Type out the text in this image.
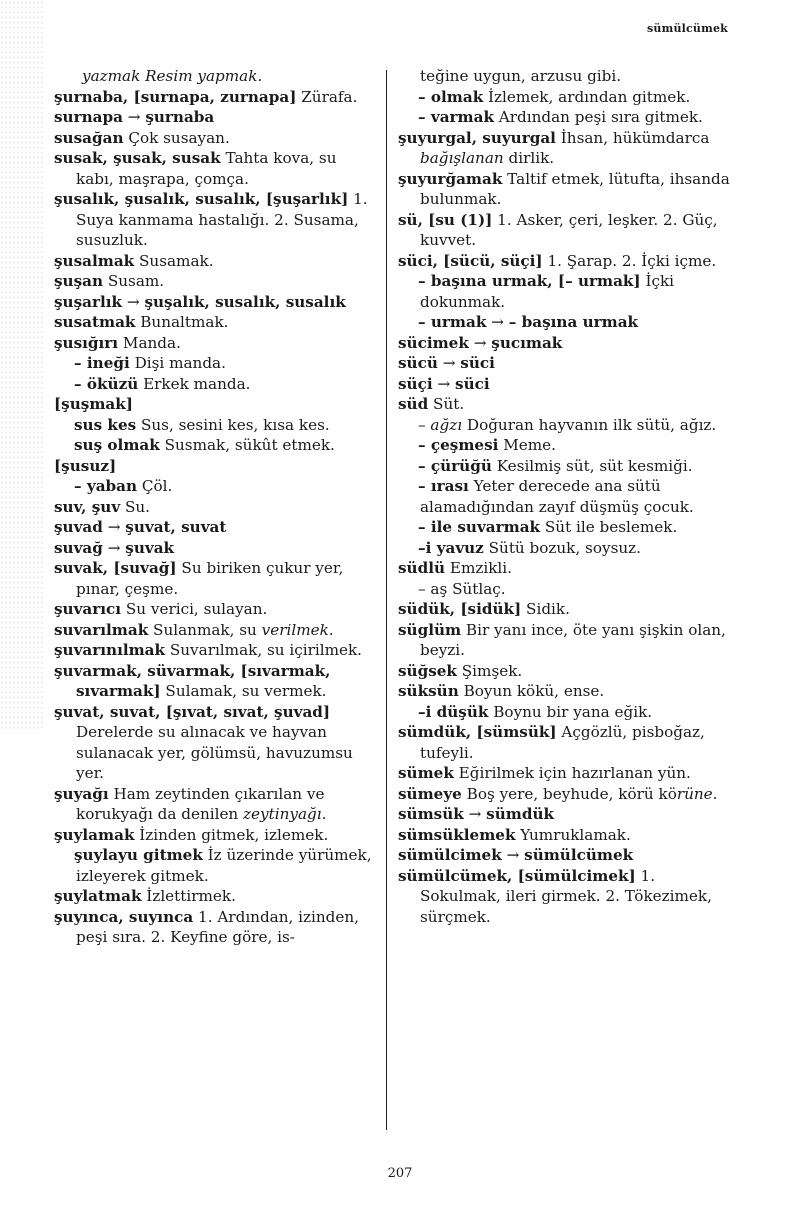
sümülcümek

yazmak Resim yapmak.

şurnaba, [surnapa, zurnapa] Zürafa.

surnapa → şurnaba

susağan Çok susayan.

susak, şusak, susak Tahta kova, su kabı, maşrapa, çomça.

şusalık, şusalık, susalık, [şuşarlık] 1. Suya kanmama hastalığı. 2. Susama, susuzluk.

şusalmak Susamak.

şuşan Susam.

şuşarlık → şuşalık, susalık, susalık

susatmak Bunaltmak.

şusığırı Manda.

– ineği Dişi manda.

– öküzü Erkek manda.

[şuşmak]

sus kes Sus, sesini kes, kısa kes.

suş olmak Susmak, sükût etmek.

[şusuz]

– yaban Çöl.

suv, şuv Su.

şuvad → şuvat, suvat

suvağ → şuvak

suvak, [suvağ] Su biriken çukur yer, pınar, çeşme.

şuvarıcı Su verici, sulayan.

suvarılmak Sulanmak, su verilmek.

şuvarınılmak Suvarılmak, su içirilmek.

şuvarmak, süvarmak, [sıvarmak, sıvarmak] Sulamak, su vermek.

şuvat, suvat, [şıvat, sıvat, şuvad] Derelerde su alınacak ve hayvan sulanacak yer, gölümsü, havuzumsu yer.

şuyağı Ham zeytinden çıkarılan ve korukyağı da denilen zeytinyağı.

şuylamak İzinden gitmek, izlemek.

şuylayu gitmek İz üzerinde yürümek, izleyerek gitmek.

şuylatmak İzlettirmek.

şuyınca, suyınca 1. Ardından, izinden, peşi sıra. 2. Keyfine göre, is-

teğine uygun, arzusu gibi.

– olmak İzlemek, ardından gitmek.

– varmak Ardından peşi sıra gitmek.

şuyurgal, suyurgal İhsan, hükümdarca bağışlanan dirlik.

şuyurğamak Taltif etmek, lütufta, ihsanda bulunmak.

sü, [su (1)] 1. Asker, çeri, leşker. 2. Güç, kuvvet.

süci, [sücü, süçi] 1. Şarap. 2. İçki içme.

– başına urmak, [– urmak] İçki dokunmak.

– urmak → – başına urmak

sücimek → şucımak

sücü → süci

süçi → süci

süd Süt.

– ağzı Doğuran hayvanın ilk sütü, ağız.

– çeşmesi Meme.

– çürüğü Kesilmiş süt, süt kesmiği.

– ırası Yeter derecede ana sütü alamadığından zayıf düşmüş çocuk.

– ile suvarmak Süt ile beslemek.

–i yavuz Sütü bozuk, soysuz.

südlü Emzikli.

– aş Sütlaç.

südük, [sidük] Sidik.

süglüm Bir yanı ince, öte yanı şişkin olan, beyzi.

süğsek Şimşek.

süksün Boyun kökü, ense.

–i düşük Boynu bir yana eğik.

sümdük, [sümsük] Açgözlü, pisboğaz, tufeyli.

sümek Eğirilmek için hazırlanan yün.

sümeye Boş yere, beyhude, körü körüne.

sümsük → sümdük

sümsüklemek Yumruklamak.

sümülcimek → sümülcümek

sümülcümek, [sümülcimek] 1. Sokulmak, ileri girmek. 2. Tökezimek, sürçmek.

207
